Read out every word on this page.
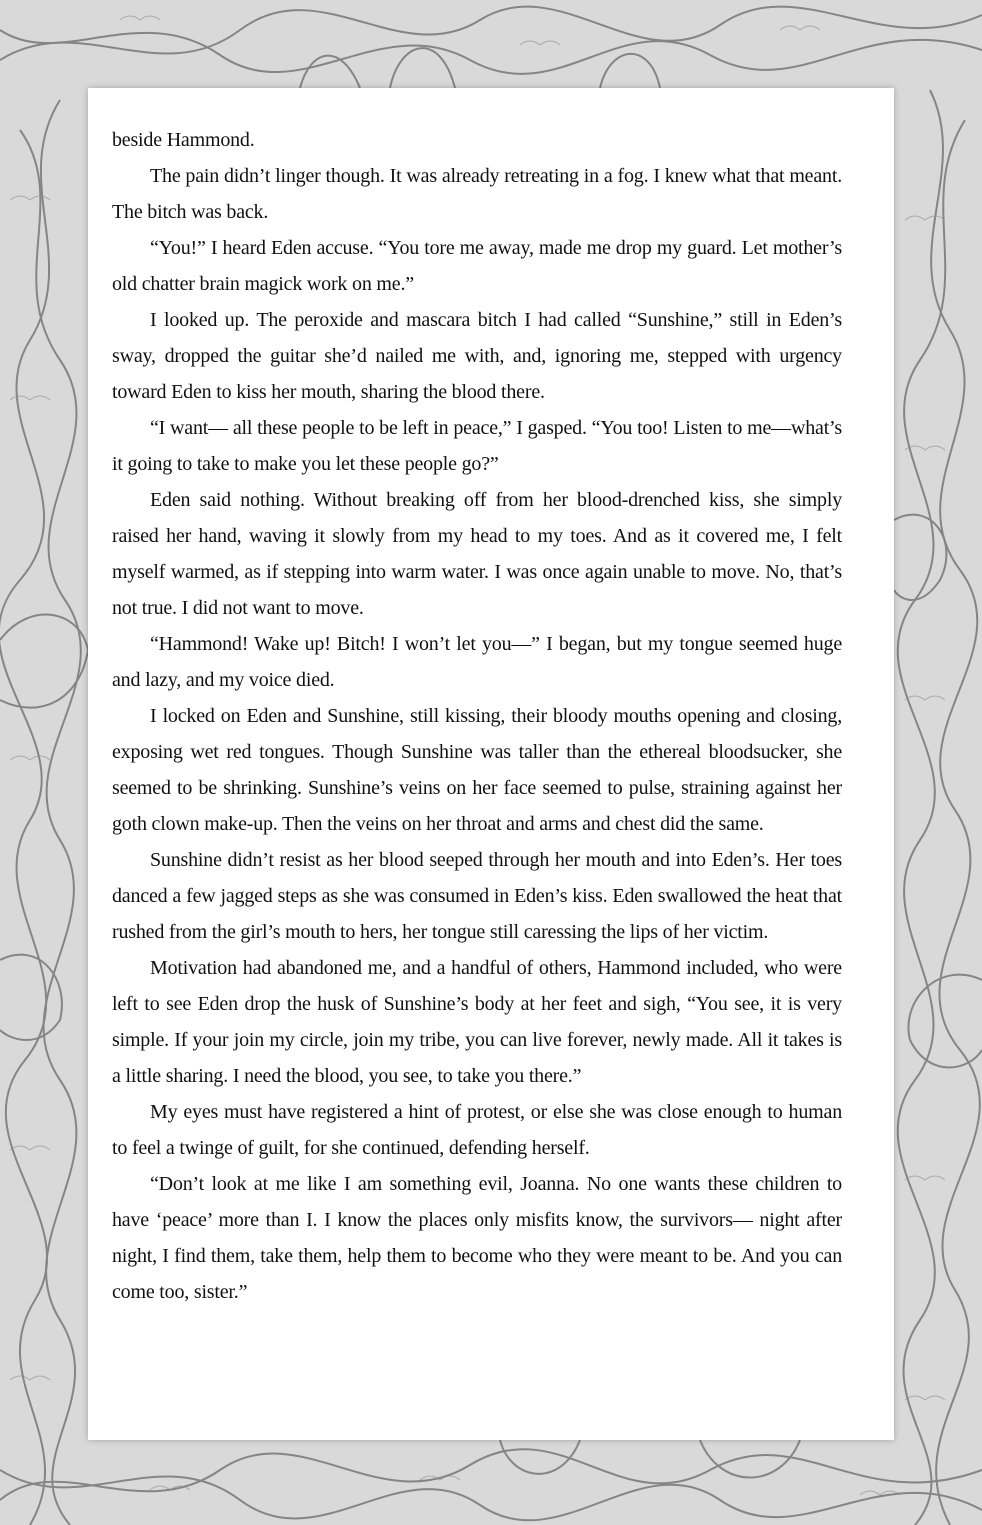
beside Hammond.

The pain didn’t linger though. It was already retreating in a fog. I knew what that meant. The bitch was back.

“You!” I heard Eden accuse. “You tore me away, made me drop my guard. Let mother’s old chatter brain magick work on me.”

I looked up. The peroxide and mascara bitch I had called “Sunshine,” still in Eden’s sway, dropped the guitar she’d nailed me with, and, ignoring me, stepped with urgency toward Eden to kiss her mouth, sharing the blood there.

“I want— all these people to be left in peace,” I gasped. “You too! Listen to me—what’s it going to take to make you let these people go?”

Eden said nothing. Without breaking off from her blood-drenched kiss, she simply raised her hand, waving it slowly from my head to my toes. And as it covered me, I felt myself warmed, as if stepping into warm water. I was once again unable to move. No, that’s not true. I did not want to move.

“Hammond! Wake up! Bitch! I won’t let you—” I began, but my tongue seemed huge and lazy, and my voice died.

I locked on Eden and Sunshine, still kissing, their bloody mouths opening and closing, exposing wet red tongues. Though Sunshine was taller than the ethereal bloodsucker, she seemed to be shrinking. Sunshine’s veins on her face seemed to pulse, straining against her goth clown make-up. Then the veins on her throat and arms and chest did the same.

Sunshine didn’t resist as her blood seeped through her mouth and into Eden’s. Her toes danced a few jagged steps as she was consumed in Eden’s kiss. Eden swallowed the heat that rushed from the girl’s mouth to hers, her tongue still caressing the lips of her victim.

Motivation had abandoned me, and a handful of others, Hammond included, who were left to see Eden drop the husk of Sunshine’s body at her feet and sigh, “You see, it is very simple. If your join my circle, join my tribe, you can live forever, newly made. All it takes is a little sharing. I need the blood, you see, to take you there.”

My eyes must have registered a hint of protest, or else she was close enough to human to feel a twinge of guilt, for she continued, defending herself.

“Don’t look at me like I am something evil, Joanna. No one wants these children to have ‘peace’ more than I. I know the places only misfits know, the survivors— night after night, I find them, take them, help them to become who they were meant to be. And you can come too, sister.”
